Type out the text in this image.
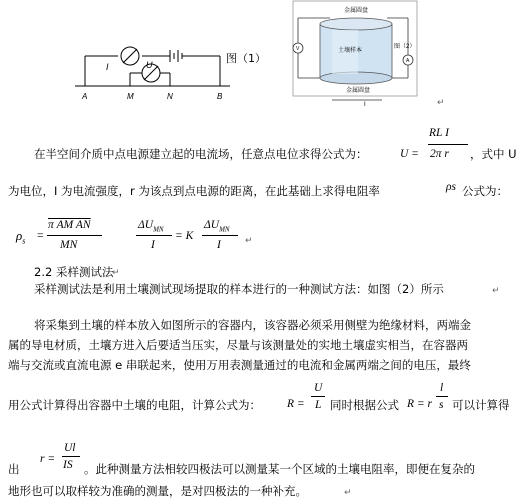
I	U
A	M	N	B
图（1）
金属圆盘
土壤样本
金属圆盘
V
A
图（2）
I	↵
在半空间介质中点电源建立起的电流场，任意点电位求得公式为：	U =
RL I
2π r ，式中 U
为电位，I 为电流强度，r 为该点到点电源的距离，在此基础上求得电阻率	ρs 公式为：
$\rho_s$ =
π AM AN
MN
$\Delta U_{MN}$
I
= K
$\Delta U_{MN}$
I	↵
2.2 采样测试法
↵
采样测试法是利用土壤测试现场提取的样本进行的一种测试方法：如图（2）所示	↵
将采集到土壤的样本放入如图所示的容器内，该容器必须采用侧壁为绝缘材料，两端金
属的导电材质，土壤方进入后要适当压实，尽量与该测量处的实地土壤虚实相当，在容器两
端与交流或直流电源 e 串联起来，使用万用表测量通过的电流和金属两端之间的电压，最终
用公式计算得出容器中土壤的电阻，计算公式为： R =
U
L 同时根据公式 R = r
l
s 可以计算得
出
r =
Ul
IS 。此种测量方法相较四极法可以测量某一个区域的土壤电阻率，即便在复杂的
地形也可以取样较为准确的测量，是对四极法的一种补充。	↵
